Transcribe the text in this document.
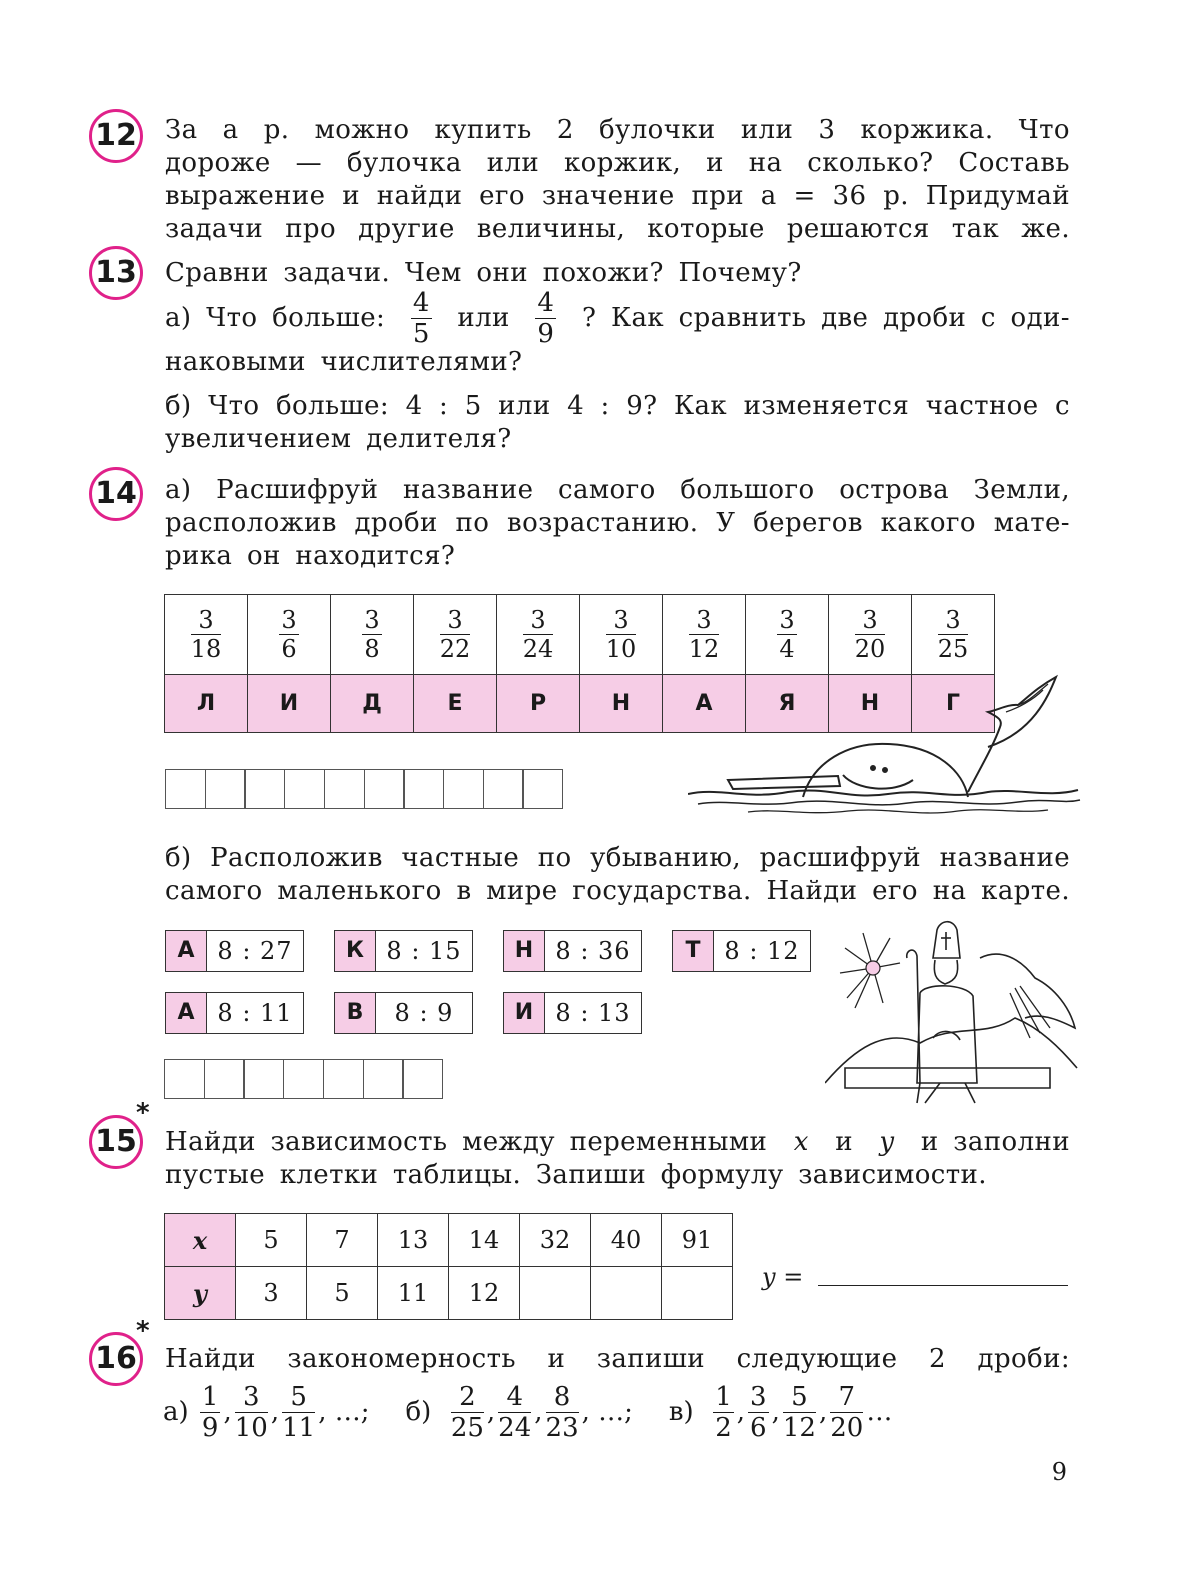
12 За a р. можно купить 2 булочки или 3 коржика. Что
дороже — булочка или коржик, и на сколько? Составь
выражение и найди его значение при a = 36 р. Придумай
задачи про другие величины, которые решаются так же.
13 Сравни задачи. Чем они похожи? Почему?
а) Что больше: $\frac{4}{5}$ или $\frac{4}{9}$ ? Как сравнить две дроби с оди-
наковыми числителями?
б) Что больше: 4 : 5 или 4 : 9? Как изменяется частное с
увеличением делителя?
14 а) Расшифруй название самого большого острова Земли,
расположив дроби по возрастанию. У берегов какого мате-
рика он находится?
$\frac{3}{18}$	$\frac{3}{6}$	$\frac{3}{8}$	$\frac{3}{22}$	$\frac{3}{24}$	$\frac{3}{10}$	$\frac{3}{12}$	$\frac{3}{4}$	$\frac{3}{20}$	$\frac{3}{25}$

Л	И	Д	Е	Р	Н	А	Я	Н	Г
б) Расположив частные по убыванию, расшифруй название
самого маленького в мире государства. Найди его на карте.
А 8 : 27	К 8 : 15	Н 8 : 36	Т 8 : 12
А 8 : 11	В	8 : 9	И 8 : 13
15
*
Найди зависимость между переменными x и y и заполни
пустые клетки таблицы. Запиши формулу зависимости.
x	5	7	13	14	32	40	91
y	3	5	11	12			
y =
16
*
Найди закономерность и запиши следующие 2 дроби:
а)
$\frac{1}{9}$ , $\frac{3}{10}$ , $\frac{5}{11}$ , …; б)
$\frac{2}{25}$ , $\frac{4}{24}$ , $\frac{8}{23}$ , …; в)
$\frac{1}{2}$ , $\frac{3}{6}$ , $\frac{5}{12}$ , $\frac{7}{20}$ …
9
